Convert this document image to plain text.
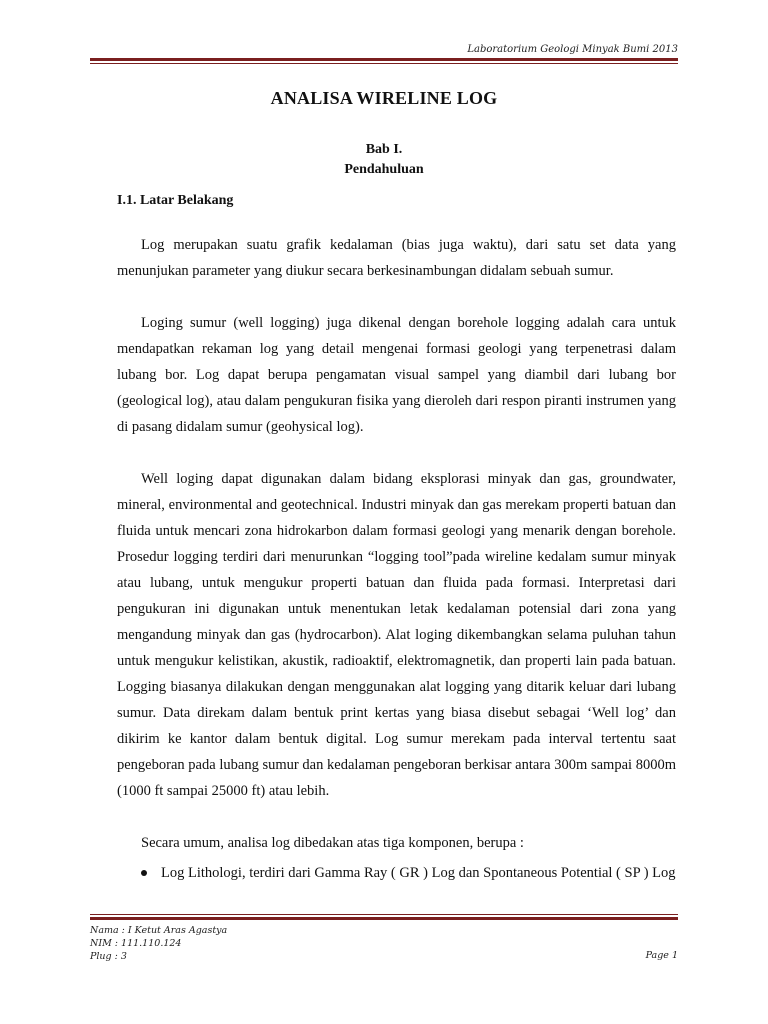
Laboratorium Geologi Minyak Bumi 2013
ANALISA WIRELINE LOG
Bab I.
Pendahuluan
I.1. Latar Belakang

Log merupakan suatu grafik kedalaman (bias juga waktu), dari satu set data yang menunjukan parameter yang diukur secara berkesinambungan didalam sebuah sumur.

Loging sumur (well logging) juga dikenal dengan borehole logging adalah cara untuk mendapatkan rekaman log yang detail mengenai formasi geologi yang terpenetrasi dalam lubang bor. Log dapat berupa pengamatan visual sampel yang diambil dari lubang bor (geological log), atau dalam pengukuran fisika yang dieroleh dari respon piranti instrumen yang di pasang didalam sumur (geohysical log).

Well loging dapat digunakan dalam bidang eksplorasi minyak dan gas, groundwater, mineral, environmental and geotechnical. Industri minyak dan gas merekam properti batuan dan fluida untuk mencari zona hidrokarbon dalam formasi geologi yang menarik dengan borehole. Prosedur logging terdiri dari menurunkan “logging tool”pada wireline kedalam sumur minyak atau lubang, untuk mengukur properti batuan dan fluida pada formasi. Interpretasi dari pengukuran ini digunakan untuk menentukan letak kedalaman potensial dari zona yang mengandung minyak dan gas (hydrocarbon). Alat loging dikembangkan selama puluhan tahun untuk mengukur kelistikan, akustik, radioaktif, elektromagnetik, dan properti lain pada batuan. Logging biasanya dilakukan dengan menggunakan alat logging yang ditarik keluar dari lubang sumur. Data direkam dalam bentuk print kertas yang biasa disebut sebagai ‘Well log’ dan dikirim ke kantor dalam bentuk digital. Log sumur merekam pada interval tertentu saat pengeboran pada lubang sumur dan kedalaman pengeboran berkisar antara 300m sampai 8000m (1000 ft sampai 25000 ft) atau lebih.

Secara umum, analisa log dibedakan atas tiga komponen, berupa :

Log Lithologi, terdiri dari Gamma Ray ( GR ) Log dan Spontaneous Potential ( SP ) Log
Nama : I Ketut Aras Agastya
NIM : 111.110.124
Plug : 3	Page 1
